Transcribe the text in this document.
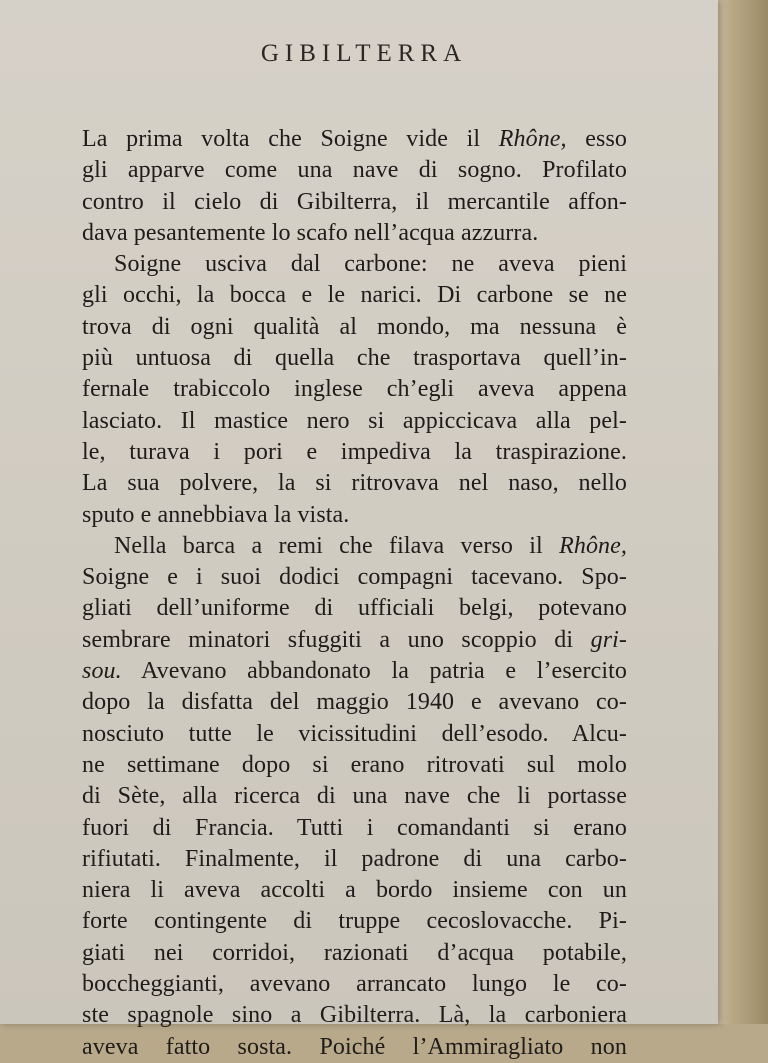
GIBILTERRA
La prima volta che Soigne vide il Rhône, esso
gli apparve come una nave di sogno. Profilato
contro il cielo di Gibilterra, il mercantile affon-
dava pesantemente lo scafo nell’acqua azzurra.
Soigne usciva dal carbone: ne aveva pieni
gli occhi, la bocca e le narici. Di carbone se ne
trova di ogni qualità al mondo, ma nessuna è
più untuosa di quella che trasportava quell’in-
fernale trabiccolo inglese ch’egli aveva appena
lasciato. Il mastice nero si appiccicava alla pel-
le, turava i pori e impediva la traspirazione.
La sua polvere, la si ritrovava nel naso, nello
sputo e annebbiava la vista.
Nella barca a remi che filava verso il Rhône,
Soigne e i suoi dodici compagni tacevano. Spo-
gliati dell’uniforme di ufficiali belgi, potevano
sembrare minatori sfuggiti a uno scoppio di gri-
sou. Avevano abbandonato la patria e l’esercito
dopo la disfatta del maggio 1940 e avevano co-
nosciuto tutte le vicissitudini dell’esodo. Alcu-
ne settimane dopo si erano ritrovati sul molo
di Sète, alla ricerca di una nave che li portasse
fuori di Francia. Tutti i comandanti si erano
rifiutati. Finalmente, il padrone di una carbo-
niera li aveva accolti a bordo insieme con un
forte contingente di truppe cecoslovacche. Pi-
giati nei corridoi, razionati d’acqua potabile,
boccheggianti, avevano arrancato lungo le co-
ste spagnole sino a Gibilterra. Là, la carboniera
aveva fatto sosta. Poiché l’Ammiragliato non
